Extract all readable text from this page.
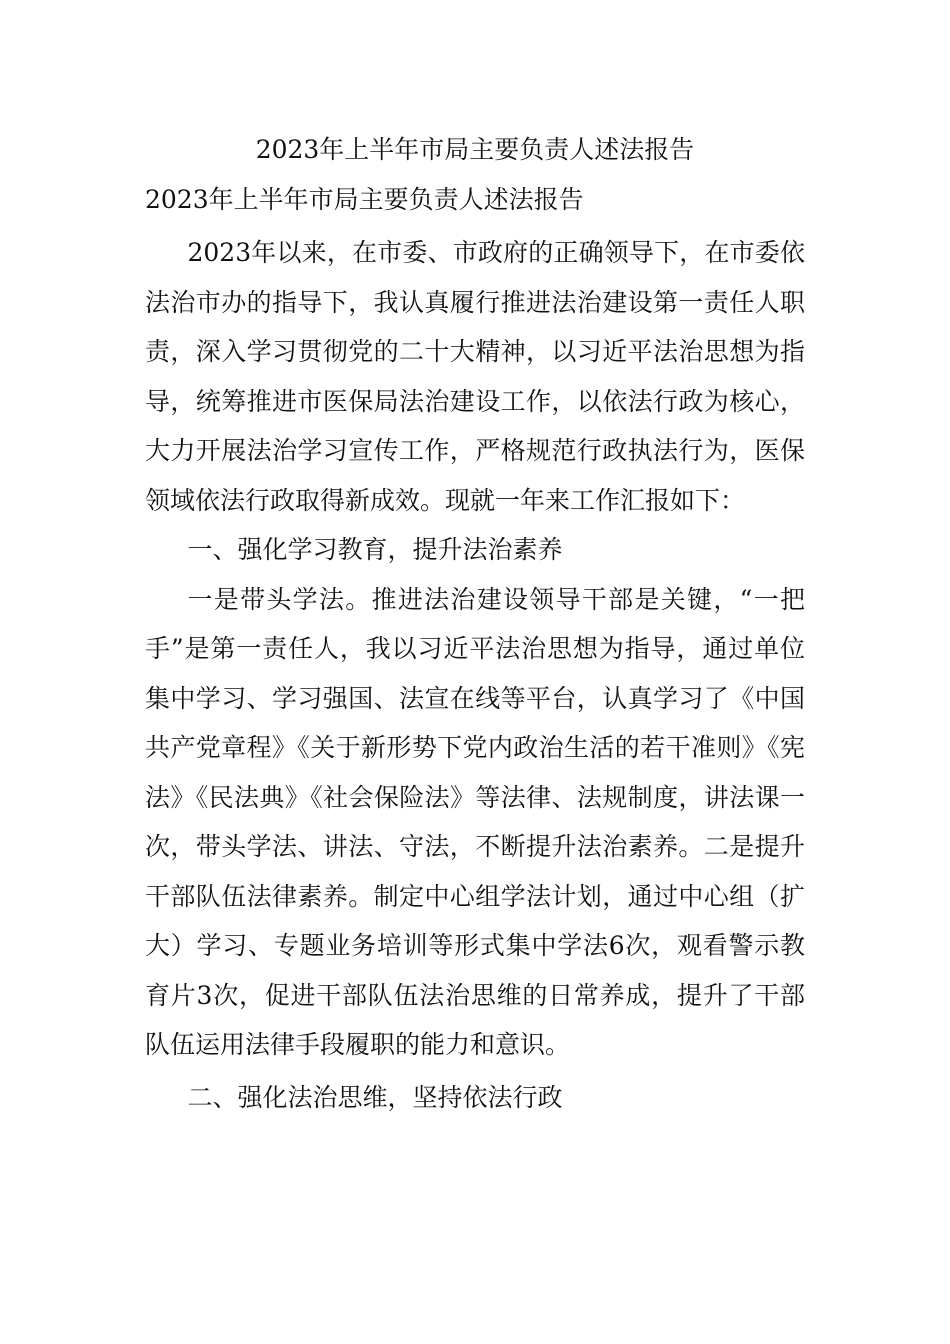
2023年上半年市局主要负责人述法报告
2023年上半年市局主要负责人述法报告

2023年以来，在市委、市政府的正确领导下，在市委依法治市办的指导下，我认真履行推进法治建设第一责任人职责，深入学习贯彻党的二十大精神，以习近平法治思想为指导，统筹推进市医保局法治建设工作，以依法行政为核心，大力开展法治学习宣传工作，严格规范行政执法行为，医保领域依法行政取得新成效。现就一年来工作汇报如下：

一、强化学习教育，提升法治素养

一是带头学法。推进法治建设领导干部是关键，“一把手”是第一责任人，我以习近平法治思想为指导，通过单位集中学习、学习强国、法宣在线等平台，认真学习了《中国共产党章程》《关于新形势下党内政治生活的若干准则》《宪法》《民法典》《社会保险法》等法律、法规制度，讲法课一次，带头学法、讲法、守法，不断提升法治素养。二是提升干部队伍法律素养。制定中心组学法计划，通过中心组（扩大）学习、专题业务培训等形式集中学法6次，观看警示教育片3次，促进干部队伍法治思维的日常养成，提升了干部队伍运用法律手段履职的能力和意识。

二、强化法治思维，坚持依法行政
